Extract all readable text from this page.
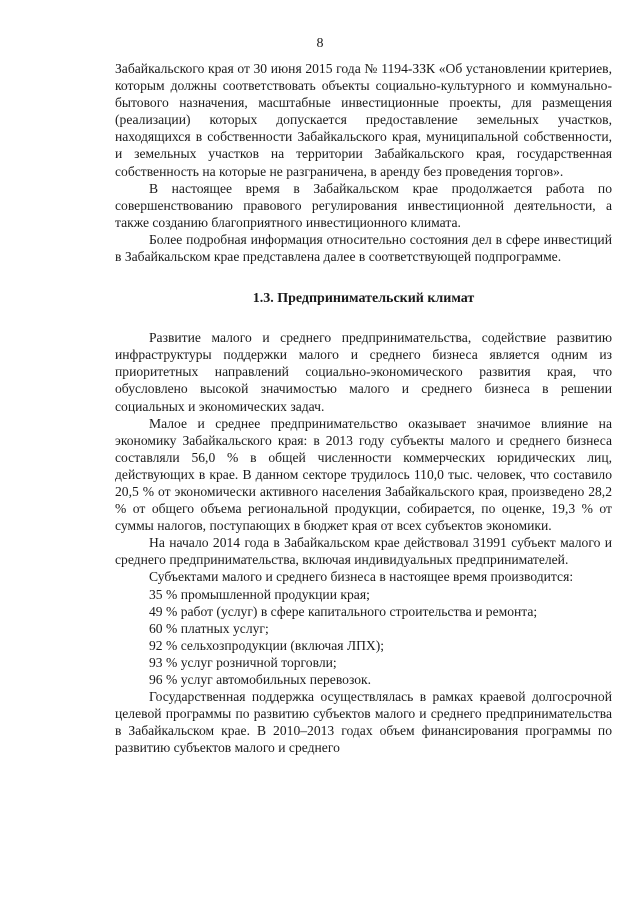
8

Забайкальского края от 30 июня 2015 года № 1194-ЗЗК «Об установлении критериев, которым должны соответствовать объекты социально-культурного и коммунально-бытового назначения, масштабные инвестиционные проекты, для размещения (реализации) которых допускается предоставление земельных участков, находящихся в собственности Забайкальского края, муниципальной собственности, и земельных участков на территории Забайкальского края, государственная собственность на которые не разграничена, в аренду без проведения торгов».

В настоящее время в Забайкальском крае продолжается работа по совершенствованию правового регулирования инвестиционной деятельности, а также созданию благоприятного инвестиционного климата.

Более подробная информация относительно состояния дел в сфере инвестиций в Забайкальском крае представлена далее в соответствующей подпрограмме.

1.3. Предпринимательский климат

Развитие малого и среднего предпринимательства, содействие развитию инфраструктуры поддержки малого и среднего бизнеса является одним из приоритетных направлений социально-экономического развития края, что обусловлено высокой значимостью малого и среднего бизнеса в решении социальных и экономических задач.

Малое и среднее предпринимательство оказывает значимое влияние на экономику Забайкальского края: в 2013 году субъекты малого и среднего бизнеса составляли 56,0 % в общей численности коммерческих юридических лиц, действующих в крае. В данном секторе трудилось 110,0 тыс. человек, что составило 20,5 % от экономически активного населения Забайкальского края, произведено 28,2 % от общего объема региональной продукции, собирается, по оценке, 19,3 % от суммы налогов, поступающих в бюджет края от всех субъектов экономики.

На начало 2014 года в Забайкальском крае действовал 31991 субъект малого и среднего предпринимательства, включая индивидуальных предпринимателей.

Субъектами малого и среднего бизнеса в настоящее время производится:

35 % промышленной продукции края;

49 % работ (услуг) в сфере капитального строительства и ремонта;

60 % платных услуг;

92 % сельхозпродукции (включая ЛПХ);

93 % услуг розничной торговли;

96 % услуг автомобильных перевозок.

Государственная поддержка осуществлялась в рамках краевой долгосрочной целевой программы по развитию субъектов малого и среднего предпринимательства в Забайкальском крае. В 2010–2013 годах объем финансирования программы по развитию субъектов малого и среднего
